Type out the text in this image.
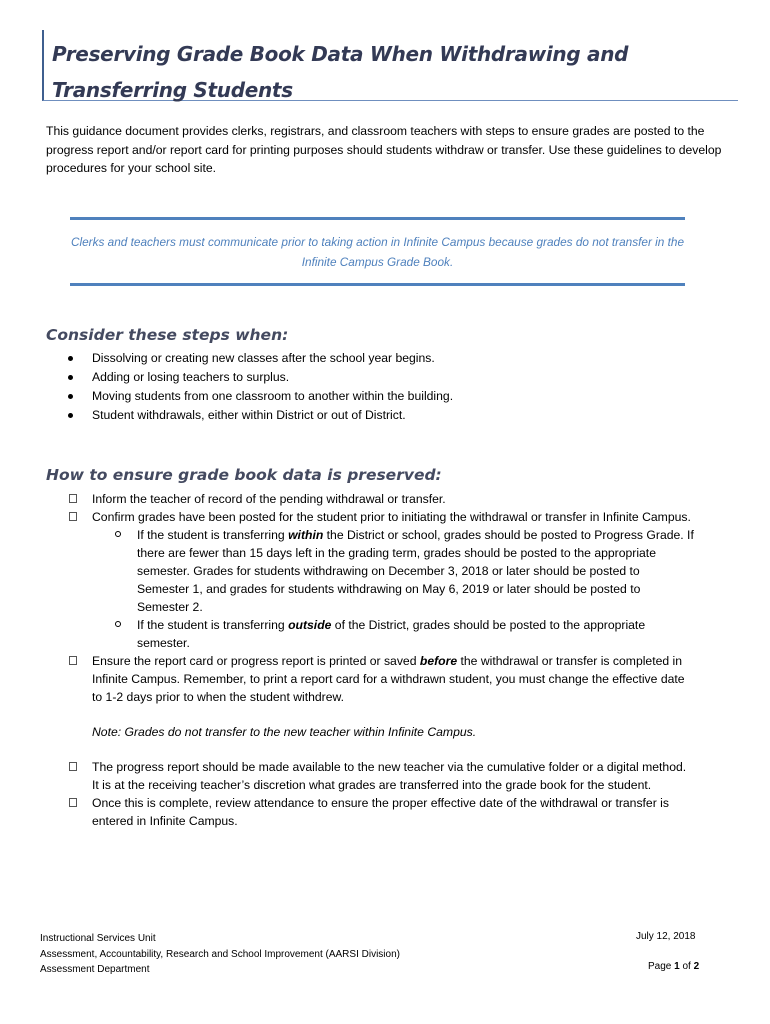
Preserving Grade Book Data When Withdrawing and
Transferring Students
This guidance document provides clerks, registrars, and classroom teachers with steps to ensure grades are posted to the progress report and/or report card for printing purposes should students withdraw or transfer. Use these guidelines to develop procedures for your school site.
Clerks and teachers must communicate prior to taking action in Infinite Campus because grades do not transfer in the Infinite Campus Grade Book.
Consider these steps when:
Dissolving or creating new classes after the school year begins.
Adding or losing teachers to surplus.
Moving students from one classroom to another within the building.
Student withdrawals, either within District or out of District.
How to ensure grade book data is preserved:
Inform the teacher of record of the pending withdrawal or transfer.
Confirm grades have been posted for the student prior to initiating the withdrawal or transfer in Infinite Campus.
If the student is transferring within the District or school, grades should be posted to Progress Grade. If there are fewer than 15 days left in the grading term, grades should be posted to the appropriate semester. Grades for students withdrawing on December 3, 2018 or later should be posted to Semester 1, and grades for students withdrawing on May 6, 2019 or later should be posted to Semester 2.
If the student is transferring outside of the District, grades should be posted to the appropriate semester.
Ensure the report card or progress report is printed or saved before the withdrawal or transfer is completed in Infinite Campus. Remember, to print a report card for a withdrawn student, you must change the effective date to 1-2 days prior to when the student withdrew.
Note: Grades do not transfer to the new teacher within Infinite Campus.
The progress report should be made available to the new teacher via the cumulative folder or a digital method. It is at the receiving teacher’s discretion what grades are transferred into the grade book for the student.
Once this is complete, review attendance to ensure the proper effective date of the withdrawal or transfer is entered in Infinite Campus.
Instructional Services Unit
Assessment, Accountability, Research and School Improvement (AARSI Division)
Assessment Department
July 12, 2018
Page 1 of 2
